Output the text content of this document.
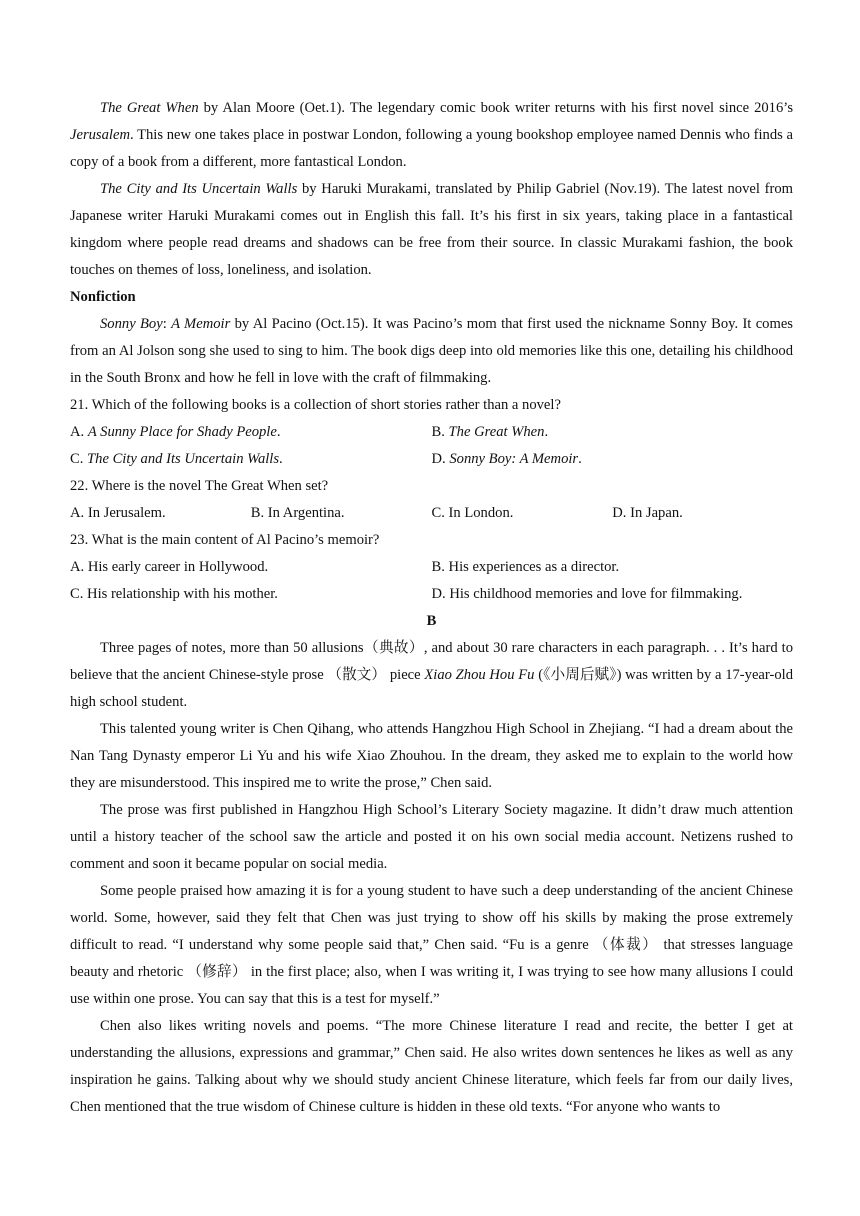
The Great When by Alan Moore (Oet.1). The legendary comic book writer returns with his first novel since 2016’s Jerusalem. This new one takes place in postwar London, following a young bookshop employee named Dennis who finds a copy of a book from a different, more fantastical London.

The City and Its Uncertain Walls by Haruki Murakami, translated by Philip Gabriel (Nov.19). The latest novel from Japanese writer Haruki Murakami comes out in English this fall. It’s his first in six years, taking place in a fantastical kingdom where people read dreams and shadows can be free from their source. In classic Murakami fashion, the book touches on themes of loss, loneliness, and isolation.

Nonfiction

Sonny Boy: A Memoir by Al Pacino (Oct.15). It was Pacino’s mom that first used the nickname Sonny Boy. It comes from an Al Jolson song she used to sing to him. The book digs deep into old memories like this one, detailing his childhood in the South Bronx and how he fell in love with the craft of filmmaking.

21. Which of the following books is a collection of short stories rather than a novel?

A. A Sunny Place for Shady People.	B. The Great When.
C. The City and Its Uncertain Walls.	D. Sonny Boy: A Memoir.

22. Where is the novel The Great When set?

A. In Jerusalem.	B. In Argentina.	C. In London.	D. In Japan.

23. What is the main content of Al Pacino’s memoir?

A. His early career in Hollywood.	B. His experiences as a director.
C. His relationship with his mother.	D. His childhood memories and love for filmmaking.

B

Three pages of notes, more than 50 allusions（典故）, and about 30 rare characters in each paragraph. . . It’s hard to believe that the ancient Chinese-style prose （散文） piece Xiao Zhou Hou Fu (《小周后赋》) was written by a 17-year-old high school student.

This talented young writer is Chen Qihang, who attends Hangzhou High School in Zhejiang. “I had a dream about the Nan Tang Dynasty emperor Li Yu and his wife Xiao Zhouhou. In the dream, they asked me to explain to the world how they are misunderstood. This inspired me to write the prose,” Chen said.

The prose was first published in Hangzhou High School’s Literary Society magazine. It didn’t draw much attention until a history teacher of the school saw the article and posted it on his own social media account. Netizens rushed to comment and soon it became popular on social media.

Some people praised how amazing it is for a young student to have such a deep understanding of the ancient Chinese world. Some, however, said they felt that Chen was just trying to show off his skills by making the prose extremely difficult to read. “I understand why some people said that,” Chen said. “Fu is a genre （体裁） that stresses language beauty and rhetoric （修辞） in the first place; also, when I was writing it, I was trying to see how many allusions I could use within one prose. You can say that this is a test for myself.”

Chen also likes writing novels and poems. “The more Chinese literature I read and recite, the better I get at understanding the allusions, expressions and grammar,” Chen said. He also writes down sentences he likes as well as any inspiration he gains. Talking about why we should study ancient Chinese literature, which feels far from our daily lives, Chen mentioned that the true wisdom of Chinese culture is hidden in these old texts. “For anyone who wants to
